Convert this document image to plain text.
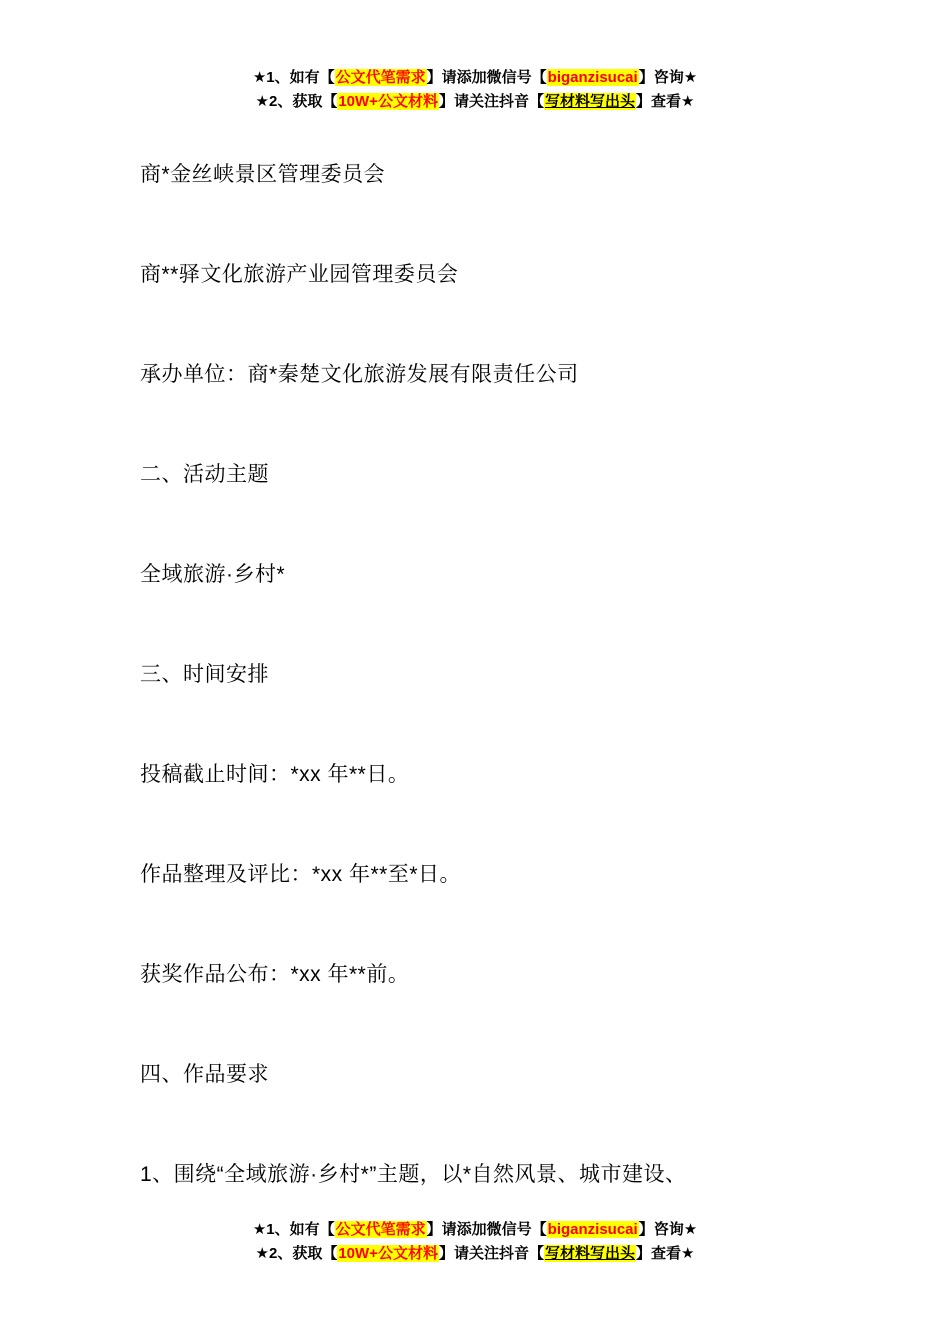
★1、如有【公文代笔需求】请添加微信号【biganzisucai】咨询★
★2、获取【10W+公文材料】请关注抖音【写材料写出头】查看★

商*金丝峡景区管理委员会

商**驿文化旅游产业园管理委员会

承办单位：商*秦楚文化旅游发展有限责任公司

二、活动主题

全域旅游·乡村*

三、时间安排

投稿截止时间：*xx 年**日。

作品整理及评比：*xx 年**至*日。

获奖作品公布：*xx 年**前。

四、作品要求

1、围绕“全域旅游·乡村*”主题，以*自然风景、城市建设、

★1、如有【公文代笔需求】请添加微信号【biganzisucai】咨询★
★2、获取【10W+公文材料】请关注抖音【写材料写出头】查看★
